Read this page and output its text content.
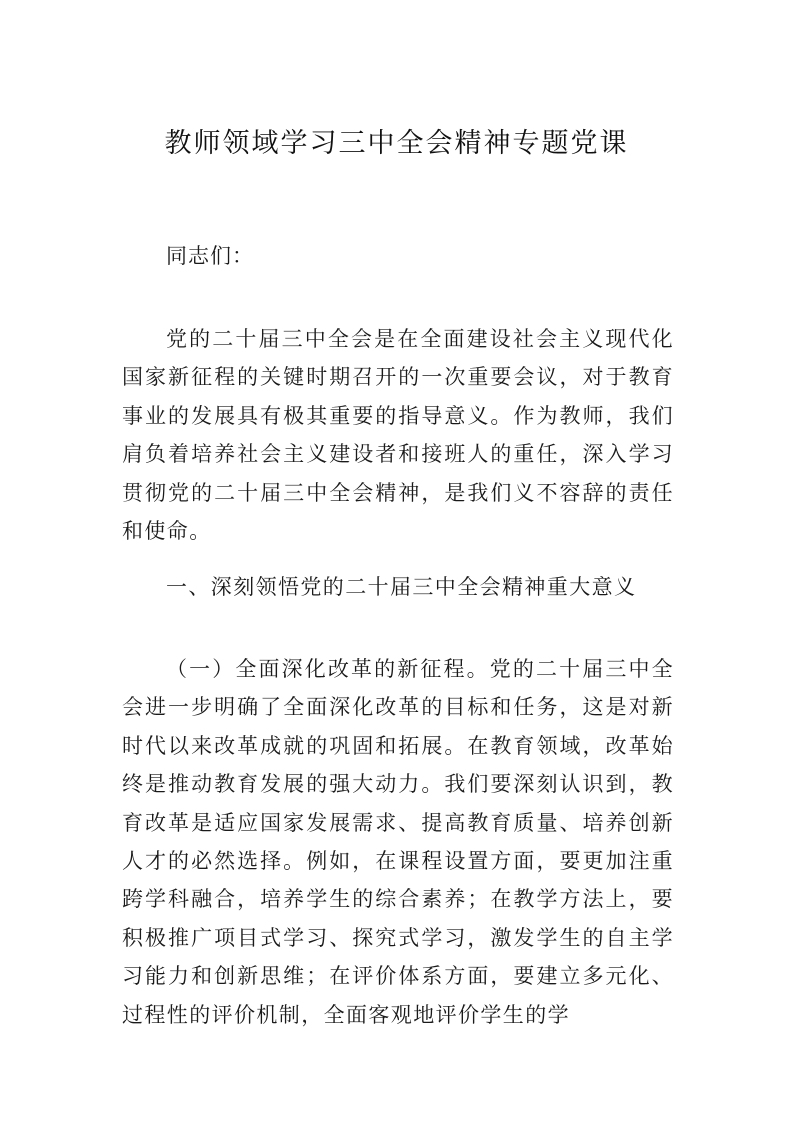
教师领域学习三中全会精神专题党课

同志们：

党的二十届三中全会是在全面建设社会主义现代化国家新征程的关键时期召开的一次重要会议，对于教育事业的发展具有极其重要的指导意义。作为教师，我们肩负着培养社会主义建设者和接班人的重任，深入学习贯彻党的二十届三中全会精神，是我们义不容辞的责任和使命。

一、深刻领悟党的二十届三中全会精神重大意义

（一）全面深化改革的新征程。党的二十届三中全会进一步明确了全面深化改革的目标和任务，这是对新时代以来改革成就的巩固和拓展。在教育领域，改革始终是推动教育发展的强大动力。我们要深刻认识到，教育改革是适应国家发展需求、提高教育质量、培养创新人才的必然选择。例如，在课程设置方面，要更加注重跨学科融合，培养学生的综合素养；在教学方法上，要积极推广项目式学习、探究式学习，激发学生的自主学习能力和创新思维；在评价体系方面，要建立多元化、过程性的评价机制，全面客观地评价学生的学
